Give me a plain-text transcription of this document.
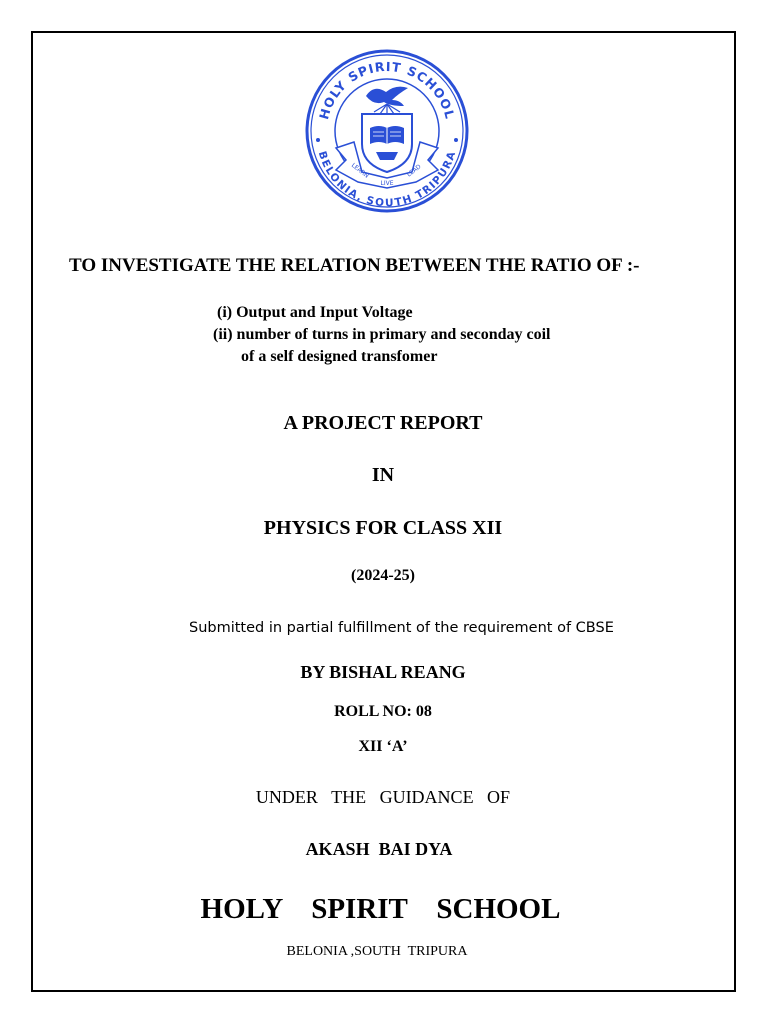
HOLY SPIRIT SCHOOL
BELONIA, SOUTH TRIPURA
LEARN
LIVE
LEAD
TO INVESTIGATE THE RELATION BETWEEN THE RATIO OF :-
(i) Output and Input Voltage
(ii) number of turns in primary and seconday coil
of a self designed transfomer
A PROJECT REPORT
IN
PHYSICS FOR CLASS XII
(2024-25)
Submitted in partial fulfillment of the requirement of CBSE
BY BISHAL REANG
ROLL NO: 08
XII ‘A’
UNDER   THE   GUIDANCE   OF
AKASH  BAI DYA
HOLY    SPIRIT    SCHOOL
BELONIA ,SOUTH  TRIPURA
